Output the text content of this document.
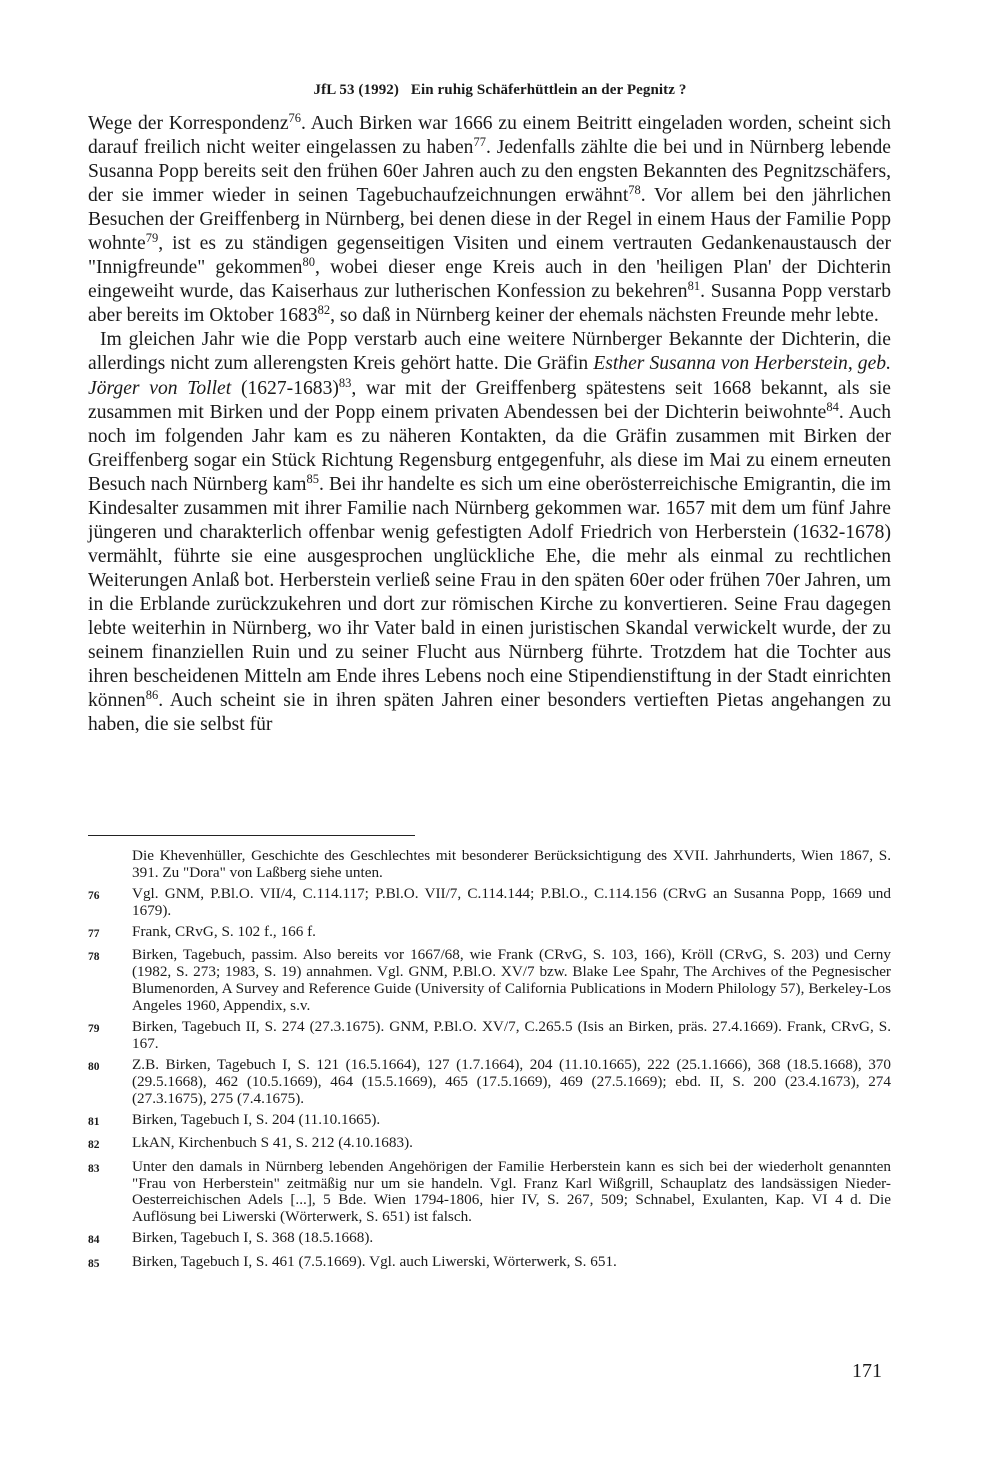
JfL 53 (1992) Ein ruhig Schäferhüttlein an der Pegnitz ?

Wege der Korrespondenz$^{76}$. Auch Birken war 1666 zu einem Beitritt eingeladen worden, scheint sich darauf freilich nicht weiter eingelassen zu haben$^{77}$. Jedenfalls zählte die bei und in Nürnberg lebende Susanna Popp bereits seit den frühen 60er Jahren auch zu den engsten Bekannten des Pegnitzschäfers, der sie immer wieder in seinen Tagebuchaufzeichnungen erwähnt$^{78}$. Vor allem bei den jährlichen Besuchen der Greiffenberg in Nürnberg, bei denen diese in der Regel in einem Haus der Familie Popp wohnte$^{79}$, ist es zu ständigen gegenseitigen Visiten und einem vertrauten Gedankenaustausch der "Innigfreunde" gekommen$^{80}$, wobei dieser enge Kreis auch in den 'heiligen Plan' der Dichterin eingeweiht wurde, das Kaiserhaus zur lutherischen Konfession zu bekehren$^{81}$. Susanna Popp verstarb aber bereits im Oktober 1683$^{82}$, so daß in Nürnberg keiner der ehemals nächsten Freunde mehr lebte.

Im gleichen Jahr wie die Popp verstarb auch eine weitere Nürnberger Bekannte der Dichterin, die allerdings nicht zum allerengsten Kreis gehört hatte. Die Gräfin Esther Susanna von Herberstein, geb. Jörger von Tollet (1627-1683)$^{83}$, war mit der Greiffenberg spätestens seit 1668 bekannt, als sie zusammen mit Birken und der Popp einem privaten Abendessen bei der Dichterin beiwohnte$^{84}$. Auch noch im folgenden Jahr kam es zu näheren Kontakten, da die Gräfin zusammen mit Birken der Greiffenberg sogar ein Stück Richtung Regensburg entgegenfuhr, als diese im Mai zu einem erneuten Besuch nach Nürnberg kam$^{85}$. Bei ihr handelte es sich um eine oberösterreichische Emigrantin, die im Kindesalter zusammen mit ihrer Familie nach Nürnberg gekommen war. 1657 mit dem um fünf Jahre jüngeren und charakterlich offenbar wenig gefestigten Adolf Friedrich von Herberstein (1632-1678) vermählt, führte sie eine ausgesprochen unglückliche Ehe, die mehr als einmal zu rechtlichen Weiterungen Anlaß bot. Herberstein verließ seine Frau in den späten 60er oder frühen 70er Jahren, um in die Erblande zurückzukehren und dort zur römischen Kirche zu konvertieren. Seine Frau dagegen lebte weiterhin in Nürnberg, wo ihr Vater bald in einen juristischen Skandal verwickelt wurde, der zu seinem finanziellen Ruin und zu seiner Flucht aus Nürnberg führte. Trotzdem hat die Tochter aus ihren bescheidenen Mitteln am Ende ihres Lebens noch eine Stipendienstiftung in der Stadt einrichten können$^{86}$. Auch scheint sie in ihren späten Jahren einer besonders vertieften Pietas angehangen zu haben, die sie selbst für

Die Khevenhüller, Geschichte des Geschlechtes mit besonderer Berücksichtigung des XVII. Jahrhunderts, Wien 1867, S. 391. Zu "Dora" von Laßberg siehe unten.
76	Vgl. GNM, P.Bl.O. VII/4, C.114.117; P.Bl.O. VII/7, C.114.144; P.Bl.O., C.114.156 (CRvG an Susanna Popp, 1669 und 1679).
77	Frank, CRvG, S. 102 f., 166 f.
78	Birken, Tagebuch, passim. Also bereits vor 1667/68, wie Frank (CRvG, S. 103, 166), Kröll (CRvG, S. 203) und Cerny (1982, S. 273; 1983, S. 19) annahmen. Vgl. GNM, P.Bl.O. XV/7 bzw. Blake Lee Spahr, The Archives of the Pegnesischer Blumenorden, A Survey and Reference Guide (University of California Publications in Modern Philology 57), Berkeley-Los Angeles 1960, Appendix, s.v.
79	Birken, Tagebuch II, S. 274 (27.3.1675). GNM, P.Bl.O. XV/7, C.265.5 (Isis an Birken, präs. 27.4.1669). Frank, CRvG, S. 167.
80	Z.B. Birken, Tagebuch I, S. 121 (16.5.1664), 127 (1.7.1664), 204 (11.10.1665), 222 (25.1.1666), 368 (18.5.1668), 370 (29.5.1668), 462 (10.5.1669), 464 (15.5.1669), 465 (17.5.1669), 469 (27.5.1669); ebd. II, S. 200 (23.4.1673), 274 (27.3.1675), 275 (7.4.1675).
81	Birken, Tagebuch I, S. 204 (11.10.1665).
82	LkAN, Kirchenbuch S 41, S. 212 (4.10.1683).
83	Unter den damals in Nürnberg lebenden Angehörigen der Familie Herberstein kann es sich bei der wiederholt genannten "Frau von Herberstein" zeitmäßig nur um sie handeln. Vgl. Franz Karl Wißgrill, Schauplatz des landsässigen Nieder-Oesterreichischen Adels [...], 5 Bde. Wien 1794-1806, hier IV, S. 267, 509; Schnabel, Exulanten, Kap. VI 4 d. Die Auflösung bei Liwerski (Wörterwerk, S. 651) ist falsch.
84	Birken, Tagebuch I, S. 368 (18.5.1668).
85	Birken, Tagebuch I, S. 461 (7.5.1669). Vgl. auch Liwerski, Wörterwerk, S. 651.
171
